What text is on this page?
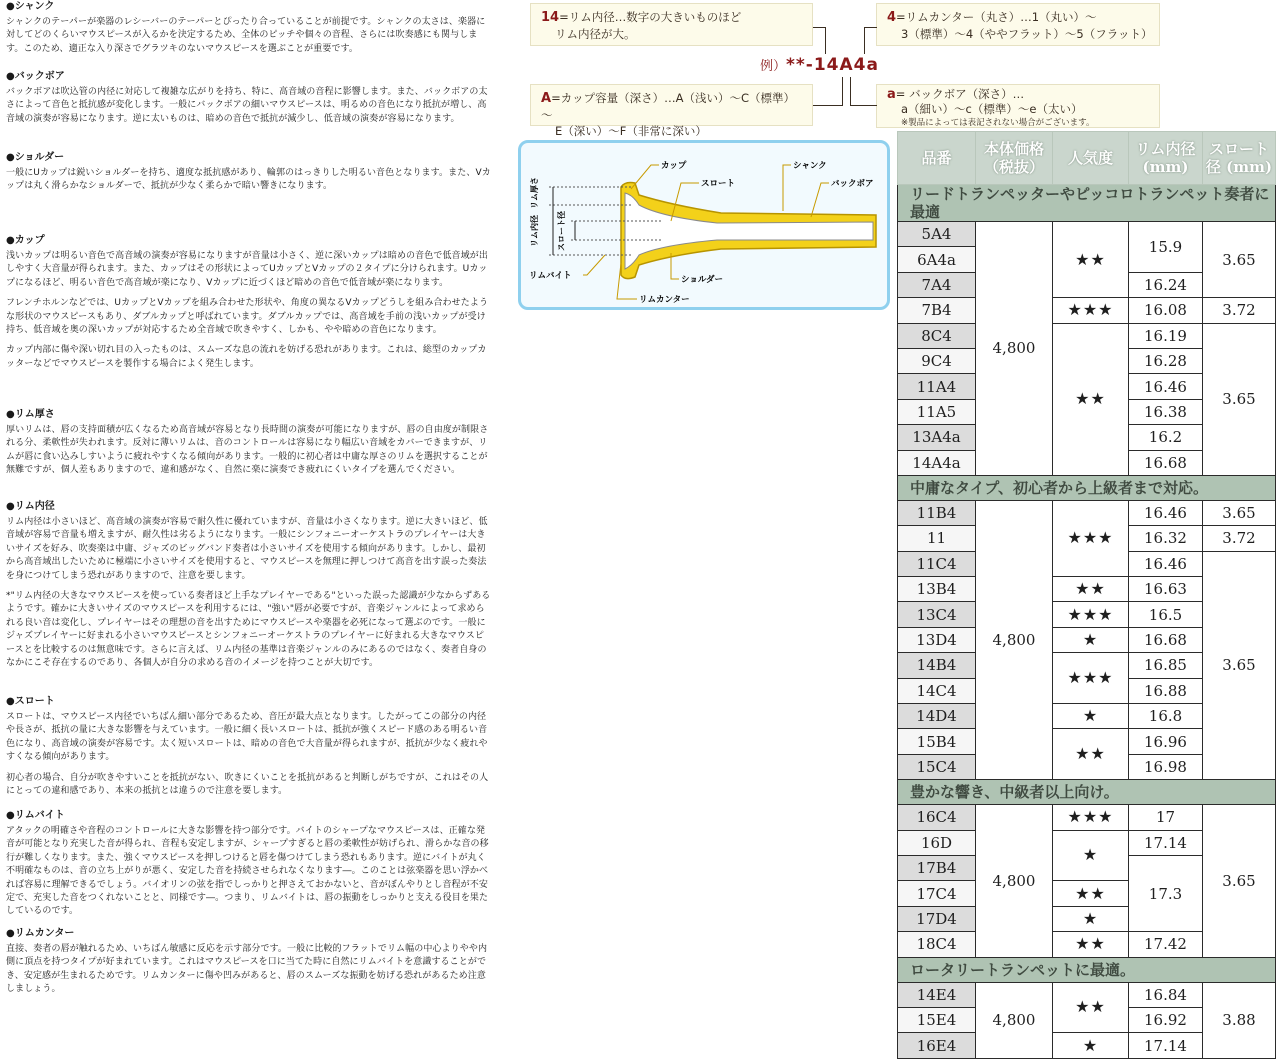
●シャンク

シャンクのテーパーが楽器のレシーバーのテーパーとぴったり合っていることが前提です。シャンクの太さは、楽器に対してどのくらいマウスピースが入るかを決定するため、全体のピッチや個々の音程、さらには吹奏感にも関与します。このため、適正な入り深さでグラツキのないマウスピースを選ぶことが重要です。

●バックボア

バックボアは吹込管の内径に対応して複雑な広がりを持ち、特に、高音域の音程に影響します。また、バックボアの太さによって音色と抵抗感が変化します。一般にバックボアの細いマウスピースは、明るめの音色になり抵抗が増し、高音域の演奏が容易になります。逆に太いものは、暗めの音色で抵抗が減少し、低音域の演奏が容易になります。

●ショルダー

一般にUカップは鋭いショルダーを持ち、適度な抵抗感があり、輪郭のはっきりした明るい音色となります。また、Vカップは丸く滑らかなショルダーで、抵抗が少なく柔らかで暗い響きになります。

●カップ

浅いカップは明るい音色で高音域の演奏が容易になりますが音量は小さく、逆に深いカップは暗めの音色で低音域が出しやすく大音量が得られます。また、カップはその形状によってUカップとVカップの２タイプに分けられます。Uカップになるほど、明るい音色で高音域が楽になり、Vカップに近づくほど暗めの音色で低音域が楽になります。

フレンチホルンなどでは、UカップとVカップを組み合わせた形状や、角度の異なるVカップどうしを組み合わせたような形状のマウスピースもあり、ダブルカップと呼ばれています。ダブルカップでは、高音域を手前の浅いカップが受け持ち、低音域を奥の深いカップが対応するため全音域で吹きやすく、しかも、やや暗めの音色になります。

カップ内部に傷や深い切れ目の入ったものは、スムーズな息の流れを妨げる恐れがあります。これは、総型のカップカッターなどでマウスピースを製作する場合によく発生します。

●リム厚さ

厚いリムは、唇の支持面積が広くなるため高音域が容易となり長時間の演奏が可能になりますが、唇の自由度が制限される分、柔軟性が失われます。反対に薄いリムは、音のコントロールは容易になり幅広い音域をカバーできますが、リムが唇に食い込みしすいように疲れやすくなる傾向があります。一般的に初心者は中庸な厚さのリムを選択することが無難ですが、個人差もありますので、違和感がなく、自然に楽に演奏でき疲れにくいタイプを選んでください。

●リム内径

リム内径は小さいほど、高音域の演奏が容易で耐久性に優れていますが、音量は小さくなります。逆に大きいほど、低音域が容易で音量も増えますが、耐久性は劣るようになります。一般にシンフォニーオーケストラのプレイヤーは大きいサイズを好み、吹奏楽は中庸、ジャズのビッグバンド奏者は小さいサイズを使用する傾向があります。しかし、最初から高音域出したいために極端に小さいサイズを使用すると、マウスピースを無理に押しつけて高音を出す誤った奏法を身につけてしまう恐れがありますので、注意を要します。

*"リム内径の大きなマウスピースを使っている奏者ほど上手なプレイヤーである"といった誤った認識が少なからずあるようです。確かに大きいサイズのマウスピースを利用するには、"強い"唇が必要ですが、音楽ジャンルによって求められる良い音は変化し、プレイヤーはその理想の音を出すためにマウスピースや楽器を必死になって選ぶのです。一般にジャズプレイヤーに好まれる小さいマウスピースとシンフォニーオーケストラのプレイヤーに好まれる大きなマウスピースとを比較するのは無意味です。さらに言えば、リム内径の基準は音楽ジャンルのみにあるのではなく、奏者自身のなかにこそ存在するのであり、各個人が自分の求める音のイメージを持つことが大切です。

●スロート

スロートは、マウスピース内径でいちばん細い部分であるため、音圧が最大点となります。したがってこの部分の内径や長さが、抵抗の量に大きな影響を与えています。一般に細く長いスロートは、抵抗が強くスピード感のある明るい音色になり、高音域の演奏が容易です。太く短いスロートは、暗めの音色で大音量が得られますが、抵抗が少なく疲れやすくなる傾向があります。

初心者の場合、自分が吹きやすいことを抵抗がない、吹きにくいことを抵抗があると判断しがちですが、これはその人にとっての違和感であり、本来の抵抗とは違うので注意を要します。

●リムバイト

アタックの明確さや音程のコントロールに大きな影響を持つ部分です。バイトのシャープなマウスピースは、正確な発音が可能となり充実した音が得られ、音程も安定しますが、シャープすぎると唇の柔軟性が妨げられ、滑らかな音の移行が難しくなります。また、強くマウスピースを押しつけると唇を傷つけてしまう恐れもあります。逆にバイトが丸く不明確なものは、音の立ち上がりが悪く、安定した音を持続させられなくなります―。このことは弦楽器を思い浮かべれば容易に理解できるでしょう。バイオリンの弦を指でしっかりと押さえておかないと、音がぼんやりとし音程が不安定で、充実した音をつくれないことと、同様です―。つまり、リムバイトは、唇の振動をしっかりと支える役目を果たしているのです。

●リムカンター

直接、奏者の唇が触れるため、いちばん敏感に反応を示す部分です。一般に比較的フラットでリム幅の中心よりやや内側に頂点を持つタイプが好まれています。これはマウスピースを口に当てた時に自然にリムバイトを意識することができ、安定感が生まれるためです。リムカンターに傷や凹みがあると、唇のスムーズな振動を妨げる恐れがあるため注意しましょう。

14=リム内径…数字の大きいものほど
リム内径が大。
4=リムカンター（丸さ）…1（丸い）～
3（標準）～4（ややフラット）～5（フラット）
A=カップ容量（深さ）…A（浅い）～C（標準）～
E（深い）～F（非常に深い）
a= バックボア（深さ）…
a（細い）～c（標準）～e（太い）
※製品によっては表記されない場合がございます。
例）**-14A4a
リム厚さ
リム内径 スロート径
カップ
スロート
シャンク
バックボア
ショルダー
リムカンター
リムバイト
品番	本体価格（税抜）	人気度	リム内径 (mm)	スロート径 (mm)
リードトランペッターやピッコロトランペット奏者に最適				
5A4	4,800	★★	15.9	3.65
6A4a				
7A4			16.24	
7B4		★★★	16.08	3.72
8C4		★★	16.19	3.65
9C4			16.28	
11A4			16.46	
11A5			16.38	
13A4a			16.2	
14A4a			16.68	
中庸なタイプ、初心者から上級者まで対応。				
11B4	4,800	★★★	16.46	3.65
11			16.32	3.72
11C4			16.46	3.65
13B4		★★	16.63	
13C4		★★★	16.5	
13D4		★	16.68	
14B4		★★★	16.85	
14C4			16.88	
14D4		★	16.8	
15B4		★★	16.96	
15C4			16.98	
豊かな響き、中級者以上向け。				
16C4	4,800	★★★	17	3.65
16D		★	17.14	
17B4			17.3	
17C4		★★		
17D4		★		
18C4		★★	17.42	
ロータリートランペットに最適。				
14E4	4,800	★★	16.84	3.88
15E4			16.92	
16E4		★	17.14	
